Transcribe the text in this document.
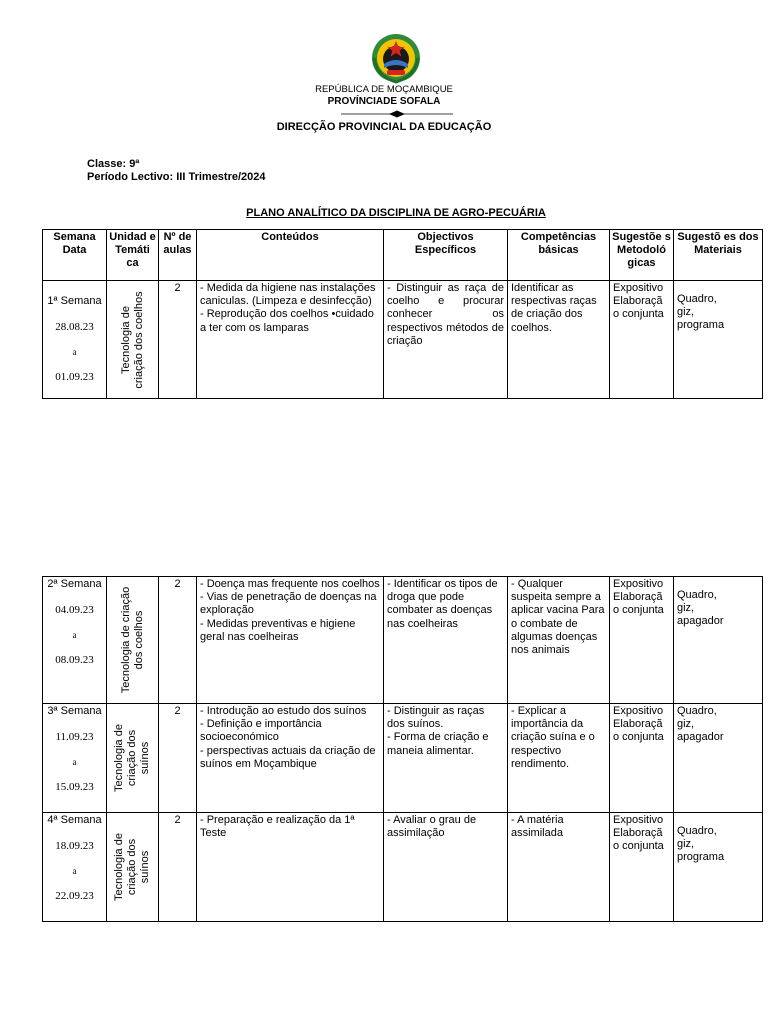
REPÚBLICA DE MOÇAMBIQUE
PROVÍNCIADE SOFALA
DIRECÇÃO PROVINCIAL DA EDUCAÇÃO
Classe: 9ª
Período Lectivo: III Trimestre/2024
PLANO ANALÍTICO DA DISCIPLINA DE AGRO-PECUÁRIA
Semana Data	Unidad e Temáti ca	Nº de aulas	Conteúdos	Objectivos Específicos	Competências básicas	Sugestõe s Metodoló gicas	Sugestõ es dos Materiais

1ª Semana
28.08.23
a
01.09.23	Tecnologia de criação dos coelhos	2	- Medida da higiene nas instalações caniculas. (Limpeza e desinfecção)
- Reprodução dos coelhos •cuidado a ter com os lamparas	- Distinguir as raça de coelho e procurar conhecer os respectivos métodos de criação	Identificar as respectivas raças de criação dos coelhos.	Expositivo
Elaboraçã
o conjunta	Quadro,
giz,
programa
2ª Semana
04.09.23
a
08.09.23	Tecnologia de criação dos coelhos	2	- Doença mas frequente nos coelhos
- Vias de penetração de doenças na exploração
- Medidas preventivas e higiene geral nas coelheiras	- Identificar os tipos de droga que pode combater as doenças nas coelheiras	- Qualquer suspeita sempre a aplicar vacina Para o combate de algumas doenças nos animais	Expositivo
Elaboraçã
o conjunta	Quadro,
giz,
apagador

3ª Semana
11.09.23
a
15.09.23	Tecnologia de criação dos suínos	2	- Introdução ao estudo dos suínos
- Definição e importância socioeconómico
- perspectivas actuais da criação de suínos em Moçambique	- Distinguir as raças dos suínos.
- Forma de criação e maneia alimentar.	- Explicar a importância da criação suína e o respectivo rendimento.	Expositivo
Elaboraçã
o conjunta	Quadro,
giz,
apagador

4ª Semana
18.09.23
a
22.09.23	Tecnologia de criação dos suínos	2	- Preparação e realização da 1ª Teste	- Avaliar o grau de assimilação	- A matéria assimilada	Expositivo
Elaboraçã
o conjunta	Quadro,
giz,
programa
